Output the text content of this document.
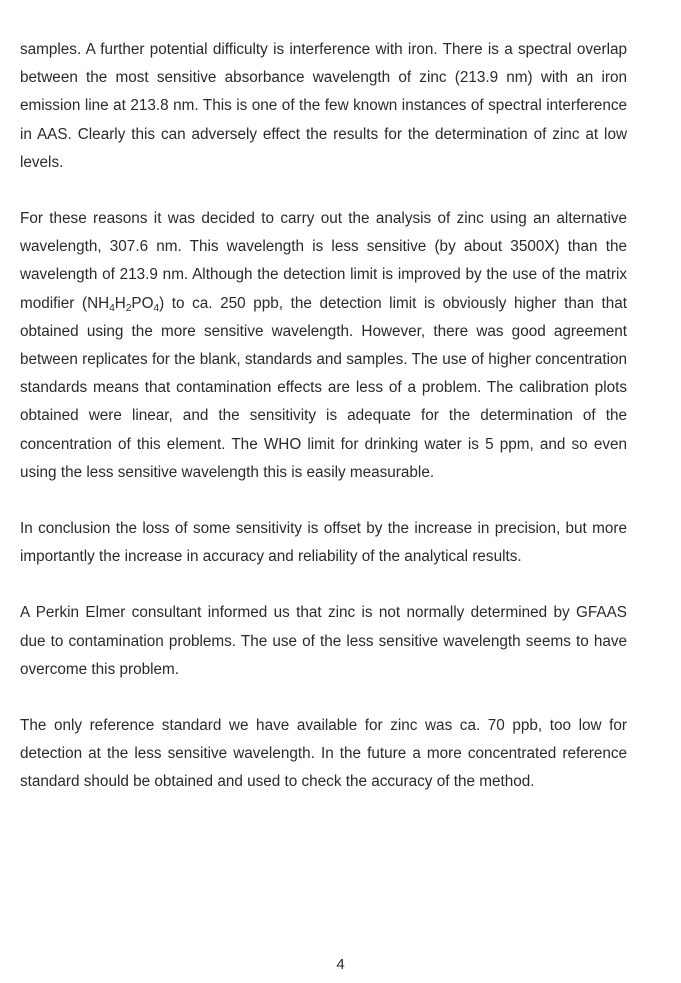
samples. A further potential difficulty is interference with iron. There is a spectral overlap between the most sensitive absorbance wavelength of zinc (213.9 nm) with an iron emission line at 213.8 nm. This is one of the few known instances of spectral interference in AAS. Clearly this can adversely effect the results for the determination of zinc at low levels.

For these reasons it was decided to carry out the analysis of zinc using an alternative wavelength, 307.6 nm. This wavelength is less sensitive (by about 3500X) than the wavelength of 213.9 nm. Although the detection limit is improved by the use of the matrix modifier $(NH_4H_2PO_4)$ to ca. 250 ppb, the detection limit is obviously higher than that obtained using the more sensitive wavelength. However, there was good agreement between replicates for the blank, standards and samples. The use of higher concentration standards means that contamination effects are less of a problem. The calibration plots obtained were linear, and the sensitivity is adequate for the determination of the concentration of this element. The WHO limit for drinking water is 5 ppm, and so even using the less sensitive wavelength this is easily measurable.

In conclusion the loss of some sensitivity is offset by the increase in precision, but more importantly the increase in accuracy and reliability of the analytical results.

A Perkin Elmer consultant informed us that zinc is not normally determined by GFAAS due to contamination problems. The use of the less sensitive wavelength seems to have overcome this problem.

The only reference standard we have available for zinc was ca. 70 ppb, too low for detection at the less sensitive wavelength. In the future a more concentrated reference standard should be obtained and used to check the accuracy of the method.

4
